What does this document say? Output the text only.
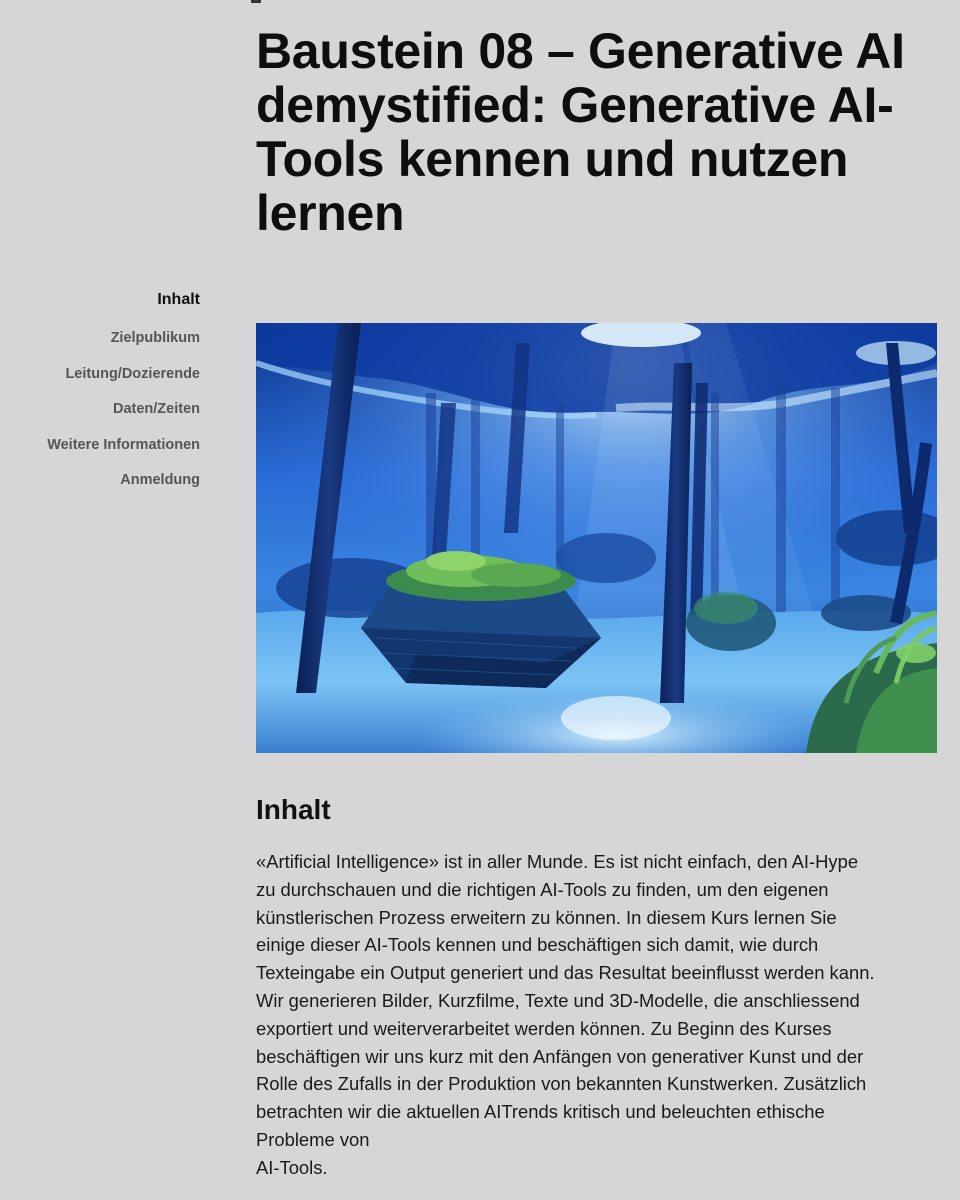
Baustein 08 – Generative AI demystified: Generative AI-Tools kennen und nutzen lernen
Inhalt
Zielpublikum
Leitung/Dozierende
Daten/Zeiten
Weitere Informationen
Anmeldung
Inhalt

«Artificial Intelligence» ist in aller Munde. Es ist nicht einfach, den AI-Hype
zu durchschauen und die richtigen AI-Tools zu finden, um den eigenen
künstlerischen Prozess erweitern zu können. In diesem Kurs lernen Sie
einige dieser AI-Tools kennen und beschäftigen sich damit, wie durch
Texteingabe ein Output generiert und das Resultat beeinflusst werden kann.
Wir generieren Bilder, Kurzfilme, Texte und 3D-Modelle, die anschliessend
exportiert und weiterverarbeitet werden können. Zu Beginn des Kurses
beschäftigen wir uns kurz mit den Anfängen von generativer Kunst und der
Rolle des Zufalls in der Produktion von bekannten Kunstwerken. Zusätzlich
betrachten wir die aktuellen AITrends kritisch und beleuchten ethische
Probleme von
AI-Tools.
